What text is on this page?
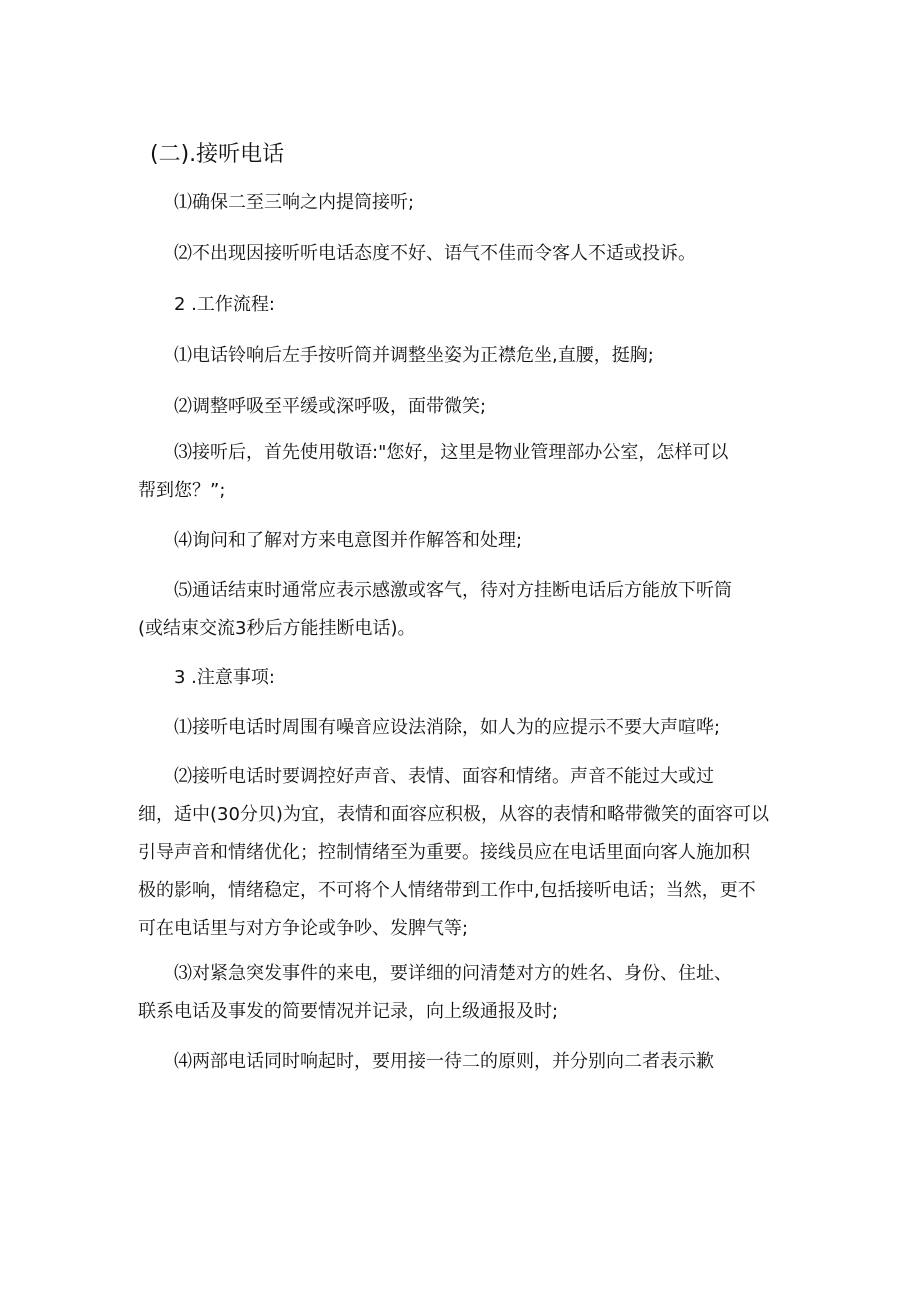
(二).接听电话
⑴确保二至三响之内提筒接听;
⑵不出现因接听听电话态度不好、语气不佳而令客人不适或投诉。
2 .工作流程:
⑴电话铃响后左手按听筒并调整坐姿为正襟危坐,直腰，挺胸;
⑵调整呼吸至平缓或深呼吸，面带微笑;
⑶接听后，首先使用敬语:"您好，这里是物业管理部办公室，怎样可以
帮到您？”;
⑷询问和了解对方来电意图并作解答和处理;
⑸通话结束时通常应表示感激或客气，待对方挂断电话后方能放下听筒
(或结束交流3秒后方能挂断电话)。
3 .注意事项:
⑴接听电话时周围有噪音应设法消除，如人为的应提示不要大声喧哗;
⑵接听电话时要调控好声音、表情、面容和情绪。声音不能过大或过
细，适中(30分贝)为宜，表情和面容应积极，从容的表情和略带微笑的面容可以
引导声音和情绪优化；控制情绪至为重要。接线员应在电话里面向客人施加积
极的影响，情绪稳定，不可将个人情绪带到工作中,包括接听电话；当然，更不
可在电话里与对方争论或争吵、发脾气等;
⑶对紧急突发事件的来电，要详细的问清楚对方的姓名、身份、住址、
联系电话及事发的简要情况并记录，向上级通报及时;
⑷两部电话同时响起时，要用接一待二的原则，并分别向二者表示歉
